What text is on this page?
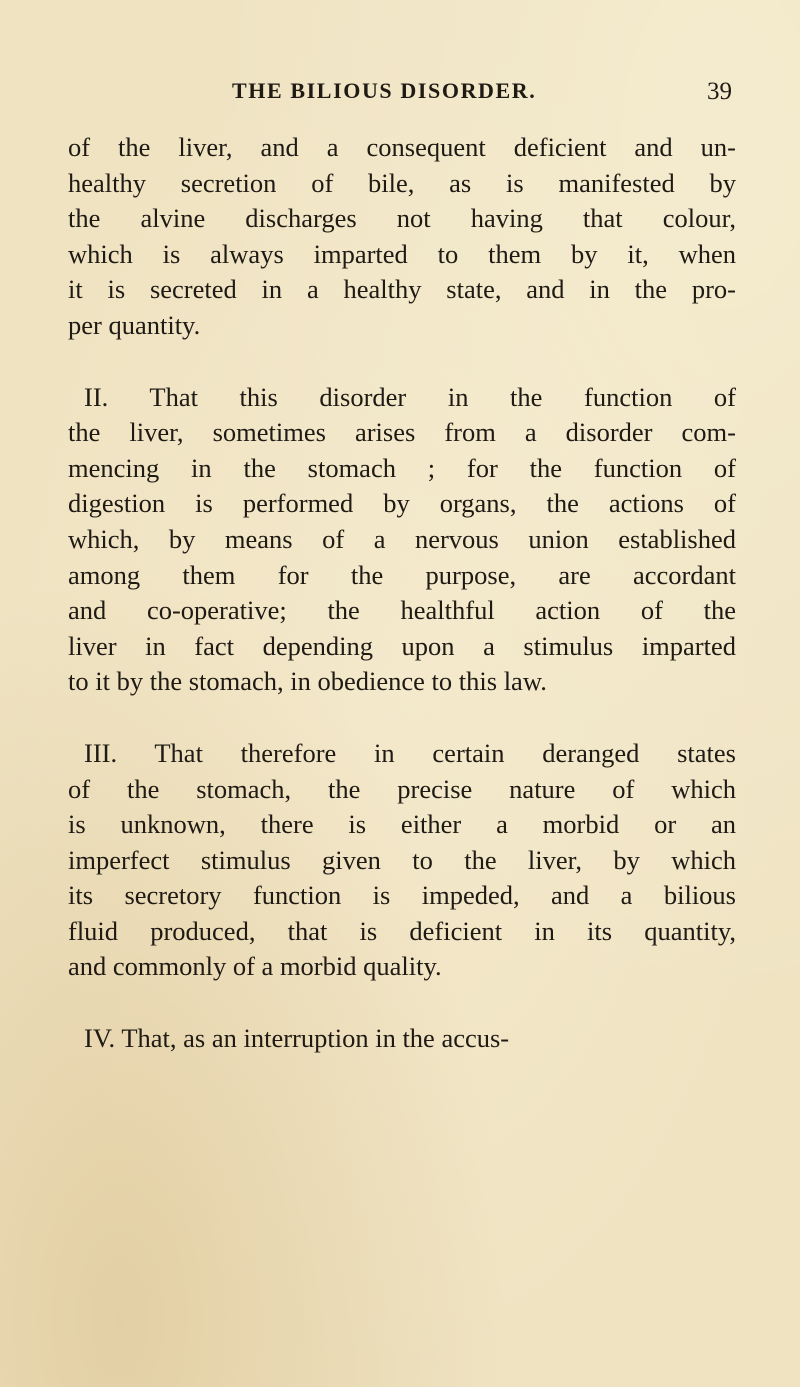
THE BILIOUS DISORDER.	39
of the liver, and a consequent deficient and un-
healthy secretion of bile, as is manifested by
the alvine discharges not having that colour,
which is always imparted to them by it, when
it is secreted in a healthy state, and in the pro-
per quantity.
II. That this disorder in the function of
the liver, sometimes arises from a disorder com-
mencing in the stomach ; for the function of
digestion is performed by organs, the actions of
which, by means of a nervous union established
among them for the purpose, are accordant
and co-operative; the healthful action of the
liver in fact depending upon a stimulus imparted
to it by the stomach, in obedience to this law.
III. That therefore in certain deranged states
of the stomach, the precise nature of which
is unknown, there is either a morbid or an
imperfect stimulus given to the liver, by which
its secretory function is impeded, and a bilious
fluid produced, that is deficient in its quantity,
and commonly of a morbid quality.
IV. That, as an interruption in the accus-
